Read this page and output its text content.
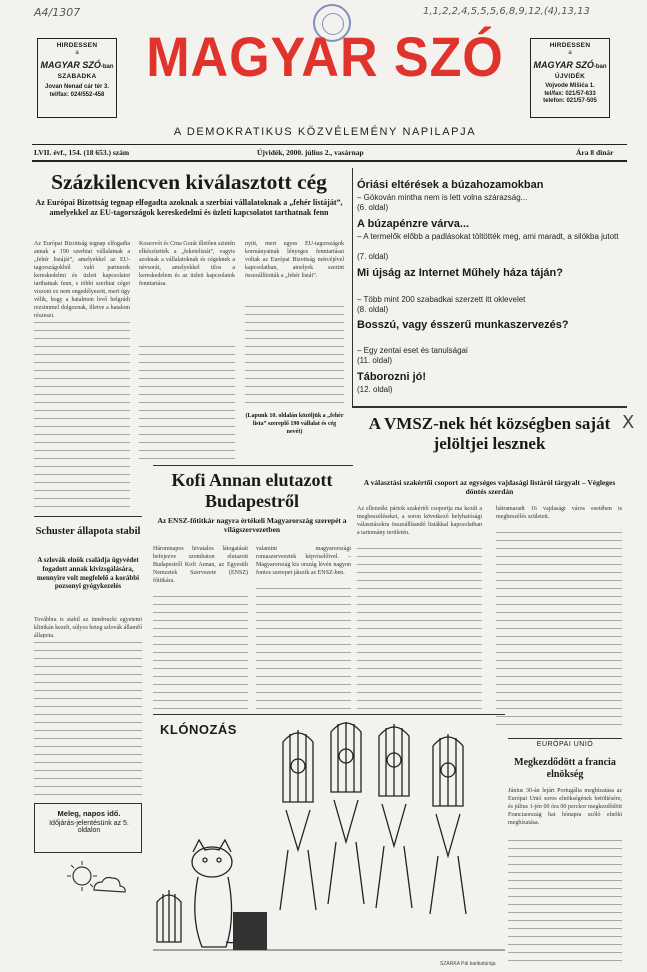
A4/1307	1,1,2,2,4,5,5,5,6,8,9,12,(4),13,13
HIRDESSEN
a
MAGYAR SZÓ-ban
SZABADKA
Jovan Nenad cár tér 3.
tel/fax: 024/552-458
HIRDESSEN
a
MAGYAR SZÓ-ban
ÚJVIDÉK
Vojvode Mišića 1.
tel/fax: 021/57-633
telefon: 021/57-505
MAGYAR SZÓ
A DEMOKRATIKUS KÖZVÉLEMÉNY NAPILAPJA
LVII. évf., 154. (18 653.) szám	Újvidék, 2000. július 2., vasárnap	Ára 8 dinár
Százkilencven kiválasztott cég
Az Európai Bizottság tegnap elfogadta azoknak a szerbiai vállalatoknak a „fehér listáját”, amelyekkel az EU-tagországok kereskedelmi és üzleti kapcsolatot tarthatnak fenn
Az Európai Bizottság tegnap elfogadta annak a 190 szerbiai vállalatnak a „fehér listáját”, amelyekkel az EU-tagországokból való partnerek kereskedelmi és üzleti kapcsolatot tarthatnak fenn, s többi szerbiai céget viszont ez nem engedélyezett, mert úgy vélik, hogy a hatalmon levő belgrádi rezsimmel dolgoznak, illetve a hatalom részesei.
Koszovót és Crna Gorát illetően szintén elkészítették a „feketelistát”, vagyis azoknak a vállalatoknak és cégeknek a névsorát, amelyekkel tilos a kereskedelem és az üzleti kapcsolatok fenntartása.
nyitt, mert egyes EU-tagországok kormányainak lényeges fenntartásai voltak az Európai Bizottság mércéjével kapcsolatban, amelyek szerint összeállították a „fehér listát”.
(Lapunk 10. oldalán közöljük a „fehér lista” szereplő 190 vállalat és cég nevét)
Óriási eltérések a búzahozamokban
– Gókován mintha nem is lett volna szárazság...
(6. oldal)
A búzapénzre várva...
– A termelők előbb a padlásokat töltötték meg, ami maradt, a silókba jutott
(7. oldal)
Mi újság az Internet Műhely háza táján?
– Több mint 200 szabadkai szerzett itt oklevelet
(8. oldal)
Bosszú, vagy ésszerű munkaszervezés?
– Egy zentai eset és tanulságai
(11. oldal)
Táborozni jó!
(12. oldal)
X
A VMSZ-nek hét községben saját jelöltjei lesznek
A választási szakértői csoport az egységes vajdasági listáról tárgyalt – Végleges döntés szerdán
Az ellenzéki pártok szakértői csoportja ma kezdi a megbeszéléseket, a soron következő helyhatósági választásokra összeállítandó listákkal kapcsolatban a tartomány területén.
hátramaradt 16 vajdasági város esetében is megbeszélés született.
EURÓPAI UNIÓ
Megkezdődött a francia elnökség
Június 30-án lejárt Portugália megbízatása az Európai Unió soros elnökségének betöltésére, és július 1-jén 00 óra 00 perckor megkezdődött Franciaország hat hónapra szóló elnöki megbízatása.
Kofi Annan elutazott Budapestről
Az ENSZ-főtitkár nagyra értékeli Magyarország szerepét a világszervezetben
Háromnapos hivatalos látogatását befejezve szombaton elutazott Budapestről Kofi Annan, az Egyesült Nemzetek Szervezete (ENSZ) főtitkára.
valamint magyarországi romaszervezetek képviselőivel. – Magyarország kis ország lévén nagyon fontos szerepet játszik az ENSZ-ben.
Schuster állapota stabil
A szlovák elnök családja ügyvédet fogadott annak kivizsgálására, mennyire volt megfelelő a korábbi pozsonyi gyógykezelés
Továbbra is stabil az innsbrucki egyetemi klinikán kezelt, súlyos beteg szlovák államfő állapota.
Meleg, napos idő.
Időjárás-jelentésünk az 5. oldalon
KLÓNOZÁS
SZARKA Pál karikatúrája
